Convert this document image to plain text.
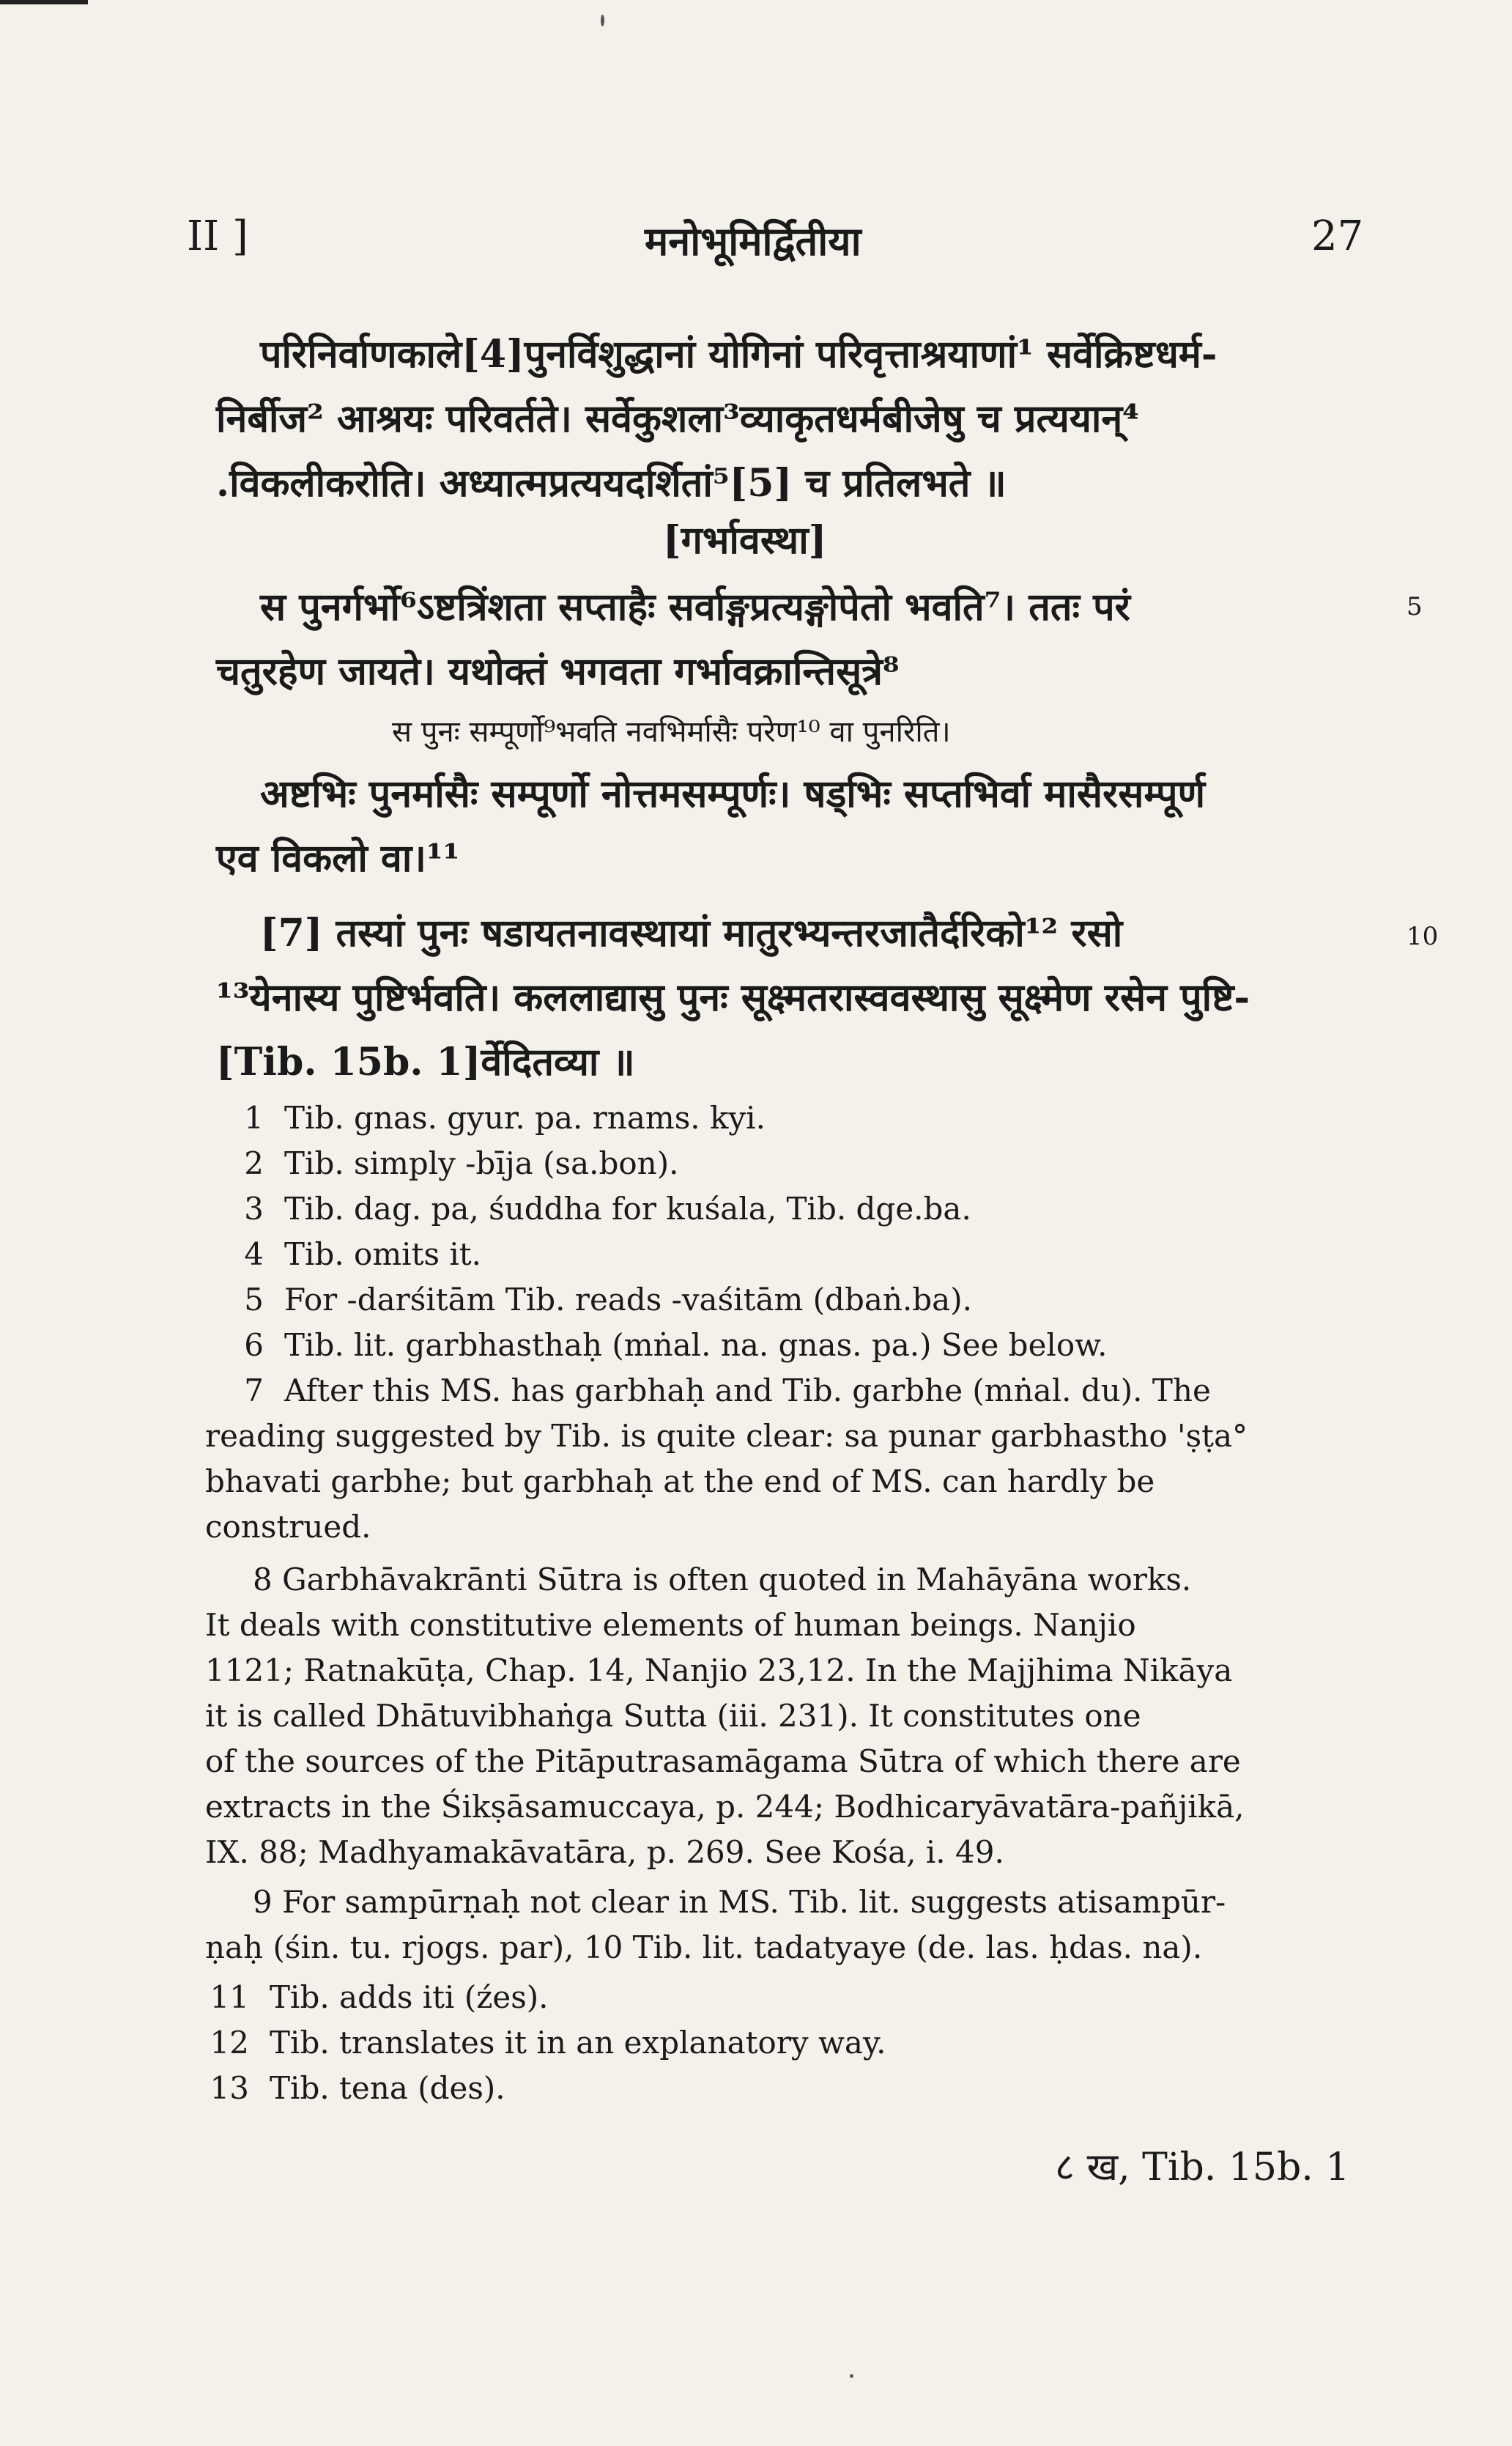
II ]	मनोभूमिर्द्वितीया	27
परिनिर्वाणकाले[4]पुनर्विशुद्धानां योगिनां परिवृत्ताश्रयाणां¹ सर्वेक्रिष्टधर्म-
निर्बीज² आश्रयः परिवर्तते। सर्वेकुशला³व्याकृतधर्मबीजेषु च प्रत्ययान्⁴
.विकलीकरोति। अध्यात्मप्रत्ययदर्शितां⁵[5] च प्रतिलभते ॥
[गर्भावस्था]
स पुनर्गर्भो⁶ऽष्टत्रिंशता सप्ताहैः सर्वाङ्गप्रत्यङ्गोपेतो भवति⁷। ततः परं	5
चतुरहेण जायते। यथोक्तं भगवता गर्भावक्रान्तिसूत्रे⁸
स पुनः सम्पूर्णो⁹भवति नवभिर्मासैः परेण¹⁰ वा पुनरिति।
अष्टभिः पुनर्मासैः सम्पूर्णो नोत्तमसम्पूर्णः। षड्भिः सप्तभिर्वा मासैरसम्पूर्ण
एव विकलो वा।¹¹
[7] तस्यां पुनः षडायतनावस्थायां मातुरभ्यन्तरजातैर्दरिको¹² रसो	10
¹³येनास्य पुष्टिर्भवति। कललाद्यासु पुनः सूक्ष्मतरास्ववस्थासु सूक्ष्मेण रसेन पुष्टि-
[Tib. 15b. 1]र्वेदितव्या ॥
1 Tib. gnas. gyur. pa. rnams. kyi.
2 Tib. simply -bīja (sa.bon).
3 Tib. dag. pa, śuddha for kuśala, Tib. dge.ba.
4 Tib. omits it.
5 For -darśitām Tib. reads -vaśitām (dbaṅ.ba).
6 Tib. lit. garbhasthaḥ (mṅal. na. gnas. pa.) See below.
7 After this MS. has garbhaḥ and Tib. garbhe (mṅal. du). The
reading suggested by Tib. is quite clear: sa punar garbhastho 'ṣṭa°
bhavati garbhe; but garbhaḥ at the end of MS. can hardly be
construed.
8 Garbhāvakrānti Sūtra is often quoted in Mahāyāna works.
It deals with constitutive elements of human beings. Nanjio
1121; Ratnakūṭa, Chap. 14, Nanjio 23,12. In the Majjhima Nikāya
it is called Dhātuvibhaṅga Sutta (iii. 231). It constitutes one
of the sources of the Pitāputrasamāgama Sūtra of which there are
extracts in the Śikṣāsamuccaya, p. 244; Bodhicaryāvatāra-pañjikā,
IX. 88; Madhyamakāvatāra, p. 269. See Kośa, i. 49.
9 For sampūrṇaḥ not clear in MS. Tib. lit. suggests atisampūr-
ṇaḥ (śin. tu. rjogs. par), 10 Tib. lit. tadatyaye (de. las. ḥdas. na).
11 Tib. adds iti (źes).
12 Tib. translates it in an explanatory way.
13 Tib. tena (des).
८ ख, Tib. 15b. 1
